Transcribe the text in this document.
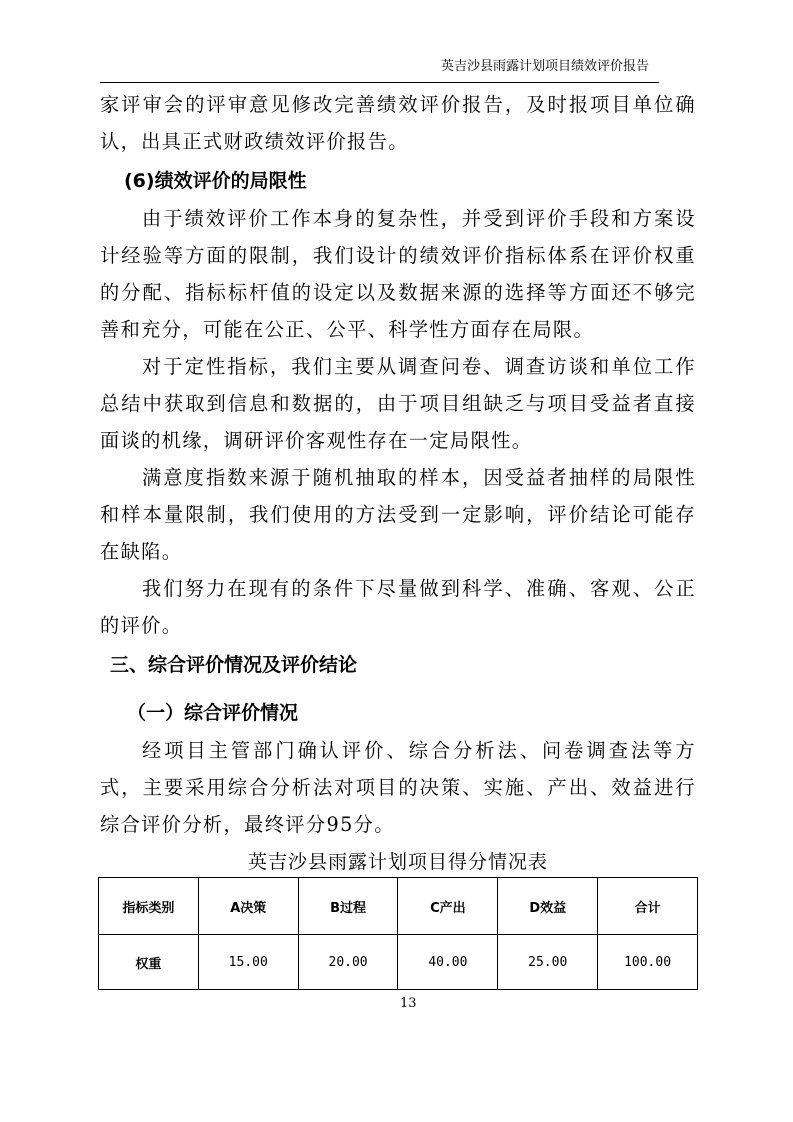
英吉沙县雨露计划项目绩效评价报告
家评审会的评审意见修改完善绩效评价报告，及时报项目单位确认，出具正式财政绩效评价报告。
(6)绩效评价的局限性
由于绩效评价工作本身的复杂性，并受到评价手段和方案设计经验等方面的限制，我们设计的绩效评价指标体系在评价权重的分配、指标标杆值的设定以及数据来源的选择等方面还不够完善和充分，可能在公正、公平、科学性方面存在局限。
对于定性指标，我们主要从调查问卷、调查访谈和单位工作总结中获取到信息和数据的，由于项目组缺乏与项目受益者直接面谈的机缘，调研评价客观性存在一定局限性。
满意度指数来源于随机抽取的样本，因受益者抽样的局限性和样本量限制，我们使用的方法受到一定影响，评价结论可能存在缺陷。
我们努力在现有的条件下尽量做到科学、准确、客观、公正的评价。
三、综合评价情况及评价结论
（一）综合评价情况
经项目主管部门确认评价、综合分析法、问卷调查法等方式，主要采用综合分析法对项目的决策、实施、产出、效益进行综合评价分析，最终评分95分。
英吉沙县雨露计划项目得分情况表
指标类别	A决策	B过程	C产出	D效益	合计
权重	15.00	20.00	40.00	25.00	100.00
13
